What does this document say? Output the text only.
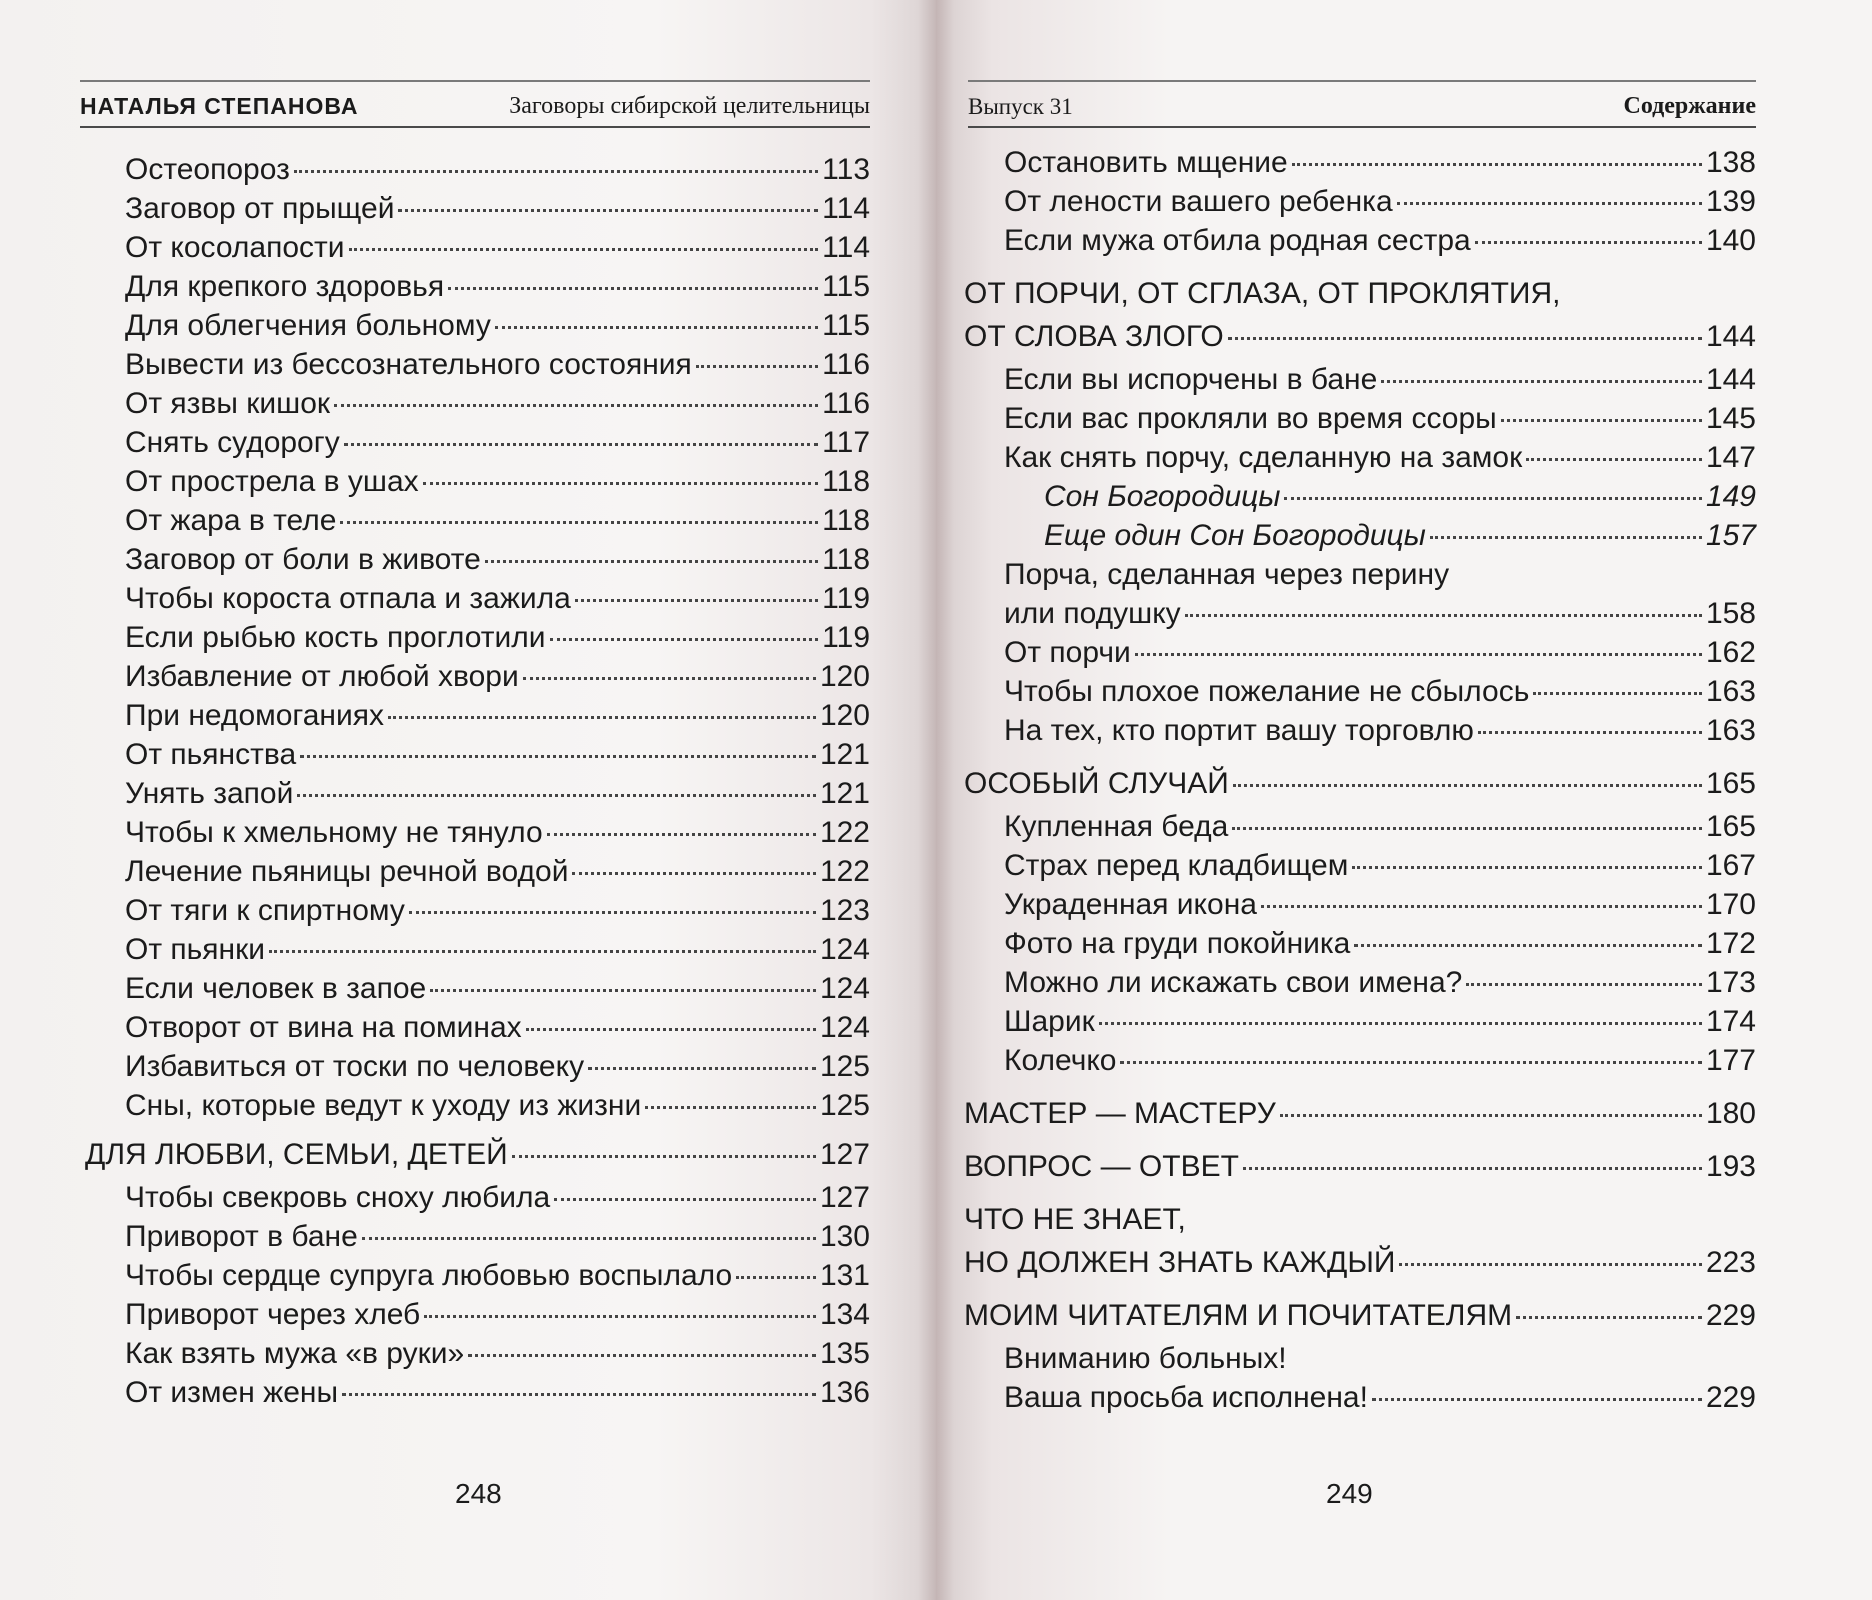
НАТАЛЬЯ СТЕПАНОВА	Заговоры сибирской целительницы
Остеопороз	113
Заговор от прыщей	114
От косолапости	114
Для крепкого здоровья	115
Для облегчения больному	115
Вывести из бессознательного состояния	116
От язвы кишок	116
Снять судорогу	117
От прострела в ушах	118
От жара в теле	118
Заговор от боли в животе	118
Чтобы короста отпала и зажила	119
Если рыбью кость проглотили	119
Избавление от любой хвори	120
При недомоганиях	120
От пьянства	121
Унять запой	121
Чтобы к хмельному не тянуло	122
Лечение пьяницы речной водой	122
От тяги к спиртному	123
От пьянки	124
Если человек в запое	124
Отворот от вина на поминах	124
Избавиться от тоски по человеку	125
Сны, которые ведут к уходу из жизни	125
ДЛЯ ЛЮБВИ, СЕМЬИ, ДЕТЕЙ	127
Чтобы свекровь сноху любила	127
Приворот в бане	130
Чтобы сердце супруга любовью воспылало	131
Приворот через хлеб	134
Как взять мужа «в руки»	135
От измен жены	136
248
Выпуск 31	Содержание
Остановить мщение	138
От лености вашего ребенка	139
Если мужа отбила родная сестра	140
ОТ ПОРЧИ, ОТ СГЛАЗА, ОТ ПРОКЛЯТИЯ,
ОТ СЛОВА ЗЛОГО	144
Если вы испорчены в бане	144
Если вас прокляли во время ссоры	145
Как снять порчу, сделанную на замок	147
Сон Богородицы	149
Еще один Сон Богородицы	157
Порча, сделанная через перину
или подушку	158
От порчи	162
Чтобы плохое пожелание не сбылось	163
На тех, кто портит вашу торговлю	163
ОСОБЫЙ СЛУЧАЙ	165
Купленная беда	165
Страх перед кладбищем	167
Украденная икона	170
Фото на груди покойника	172
Можно ли искажать свои имена?	173
Шарик	174
Колечко	177
МАСТЕР — МАСТЕРУ	180
ВОПРОС — ОТВЕТ	193
ЧТО НЕ ЗНАЕТ,
НО ДОЛЖЕН ЗНАТЬ КАЖДЫЙ	223
МОИМ ЧИТАТЕЛЯМ И ПОЧИТАТЕЛЯМ	229
Вниманию больных!
Ваша просьба исполнена!	229
249
